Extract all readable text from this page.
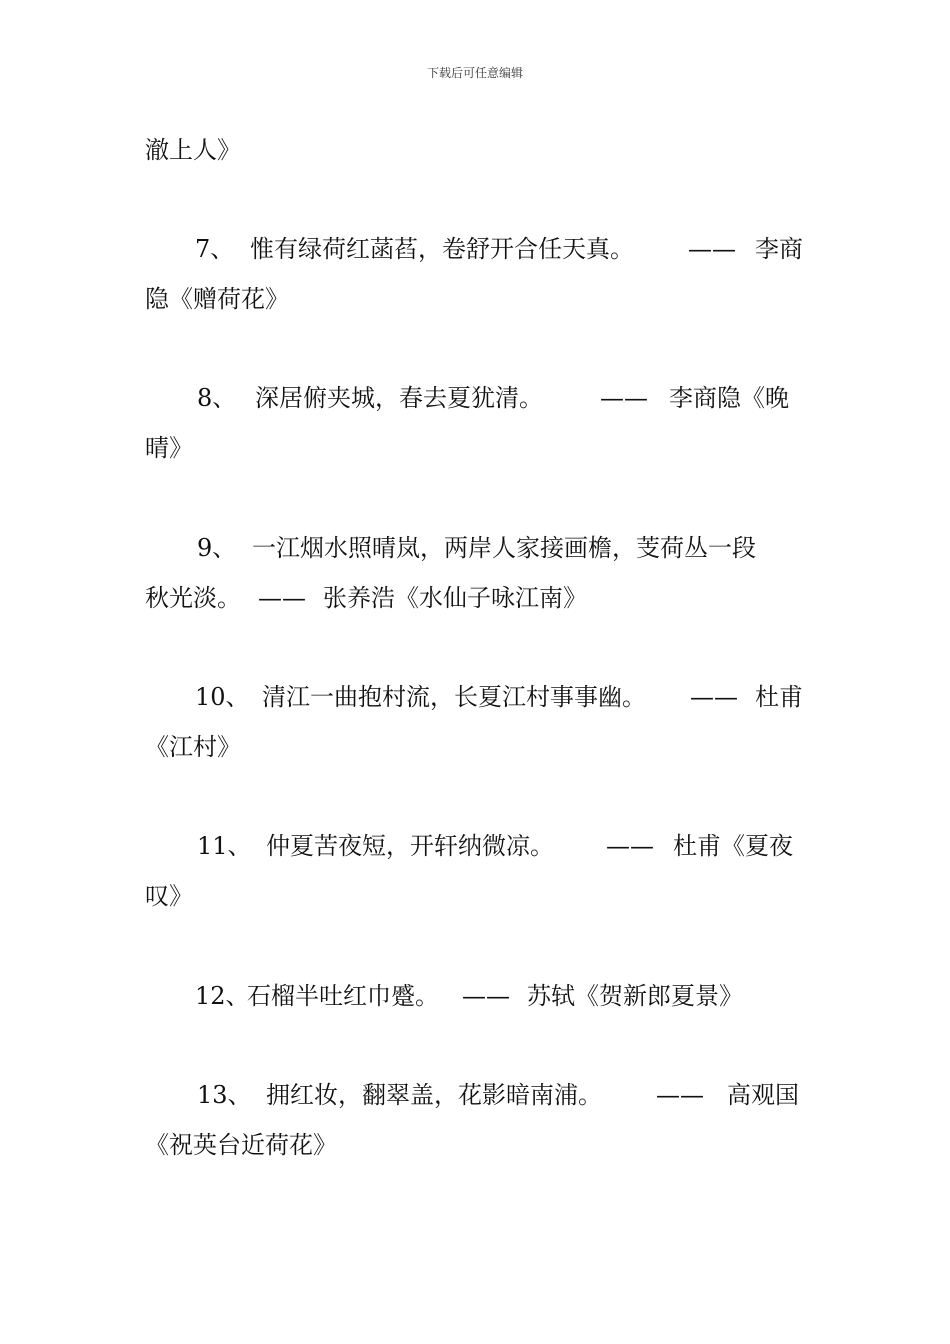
下载后可任意编辑
澈上人》
7、 惟有绿荷红菡萏，卷舒开合任天真。 —— 李商
隐《赠荷花》
8、 深居俯夹城，春去夏犹清。 —— 李商隐《晚
晴》
9、 一江烟水照晴岚，两岸人家接画檐，芰荷丛一段
秋光淡。 —— 张养浩《水仙子咏江南》
10、 清江一曲抱村流，长夏江村事事幽。 —— 杜甫
《江村》
11、 仲夏苦夜短，开轩纳微凉。 —— 杜甫《夏夜
叹》
12、
石榴半吐红巾蹙。 —— 苏轼《贺新郎夏景》
13、 拥红妆，翻翠盖，花影暗南浦。 —— 高观国
《祝英台近荷花》
